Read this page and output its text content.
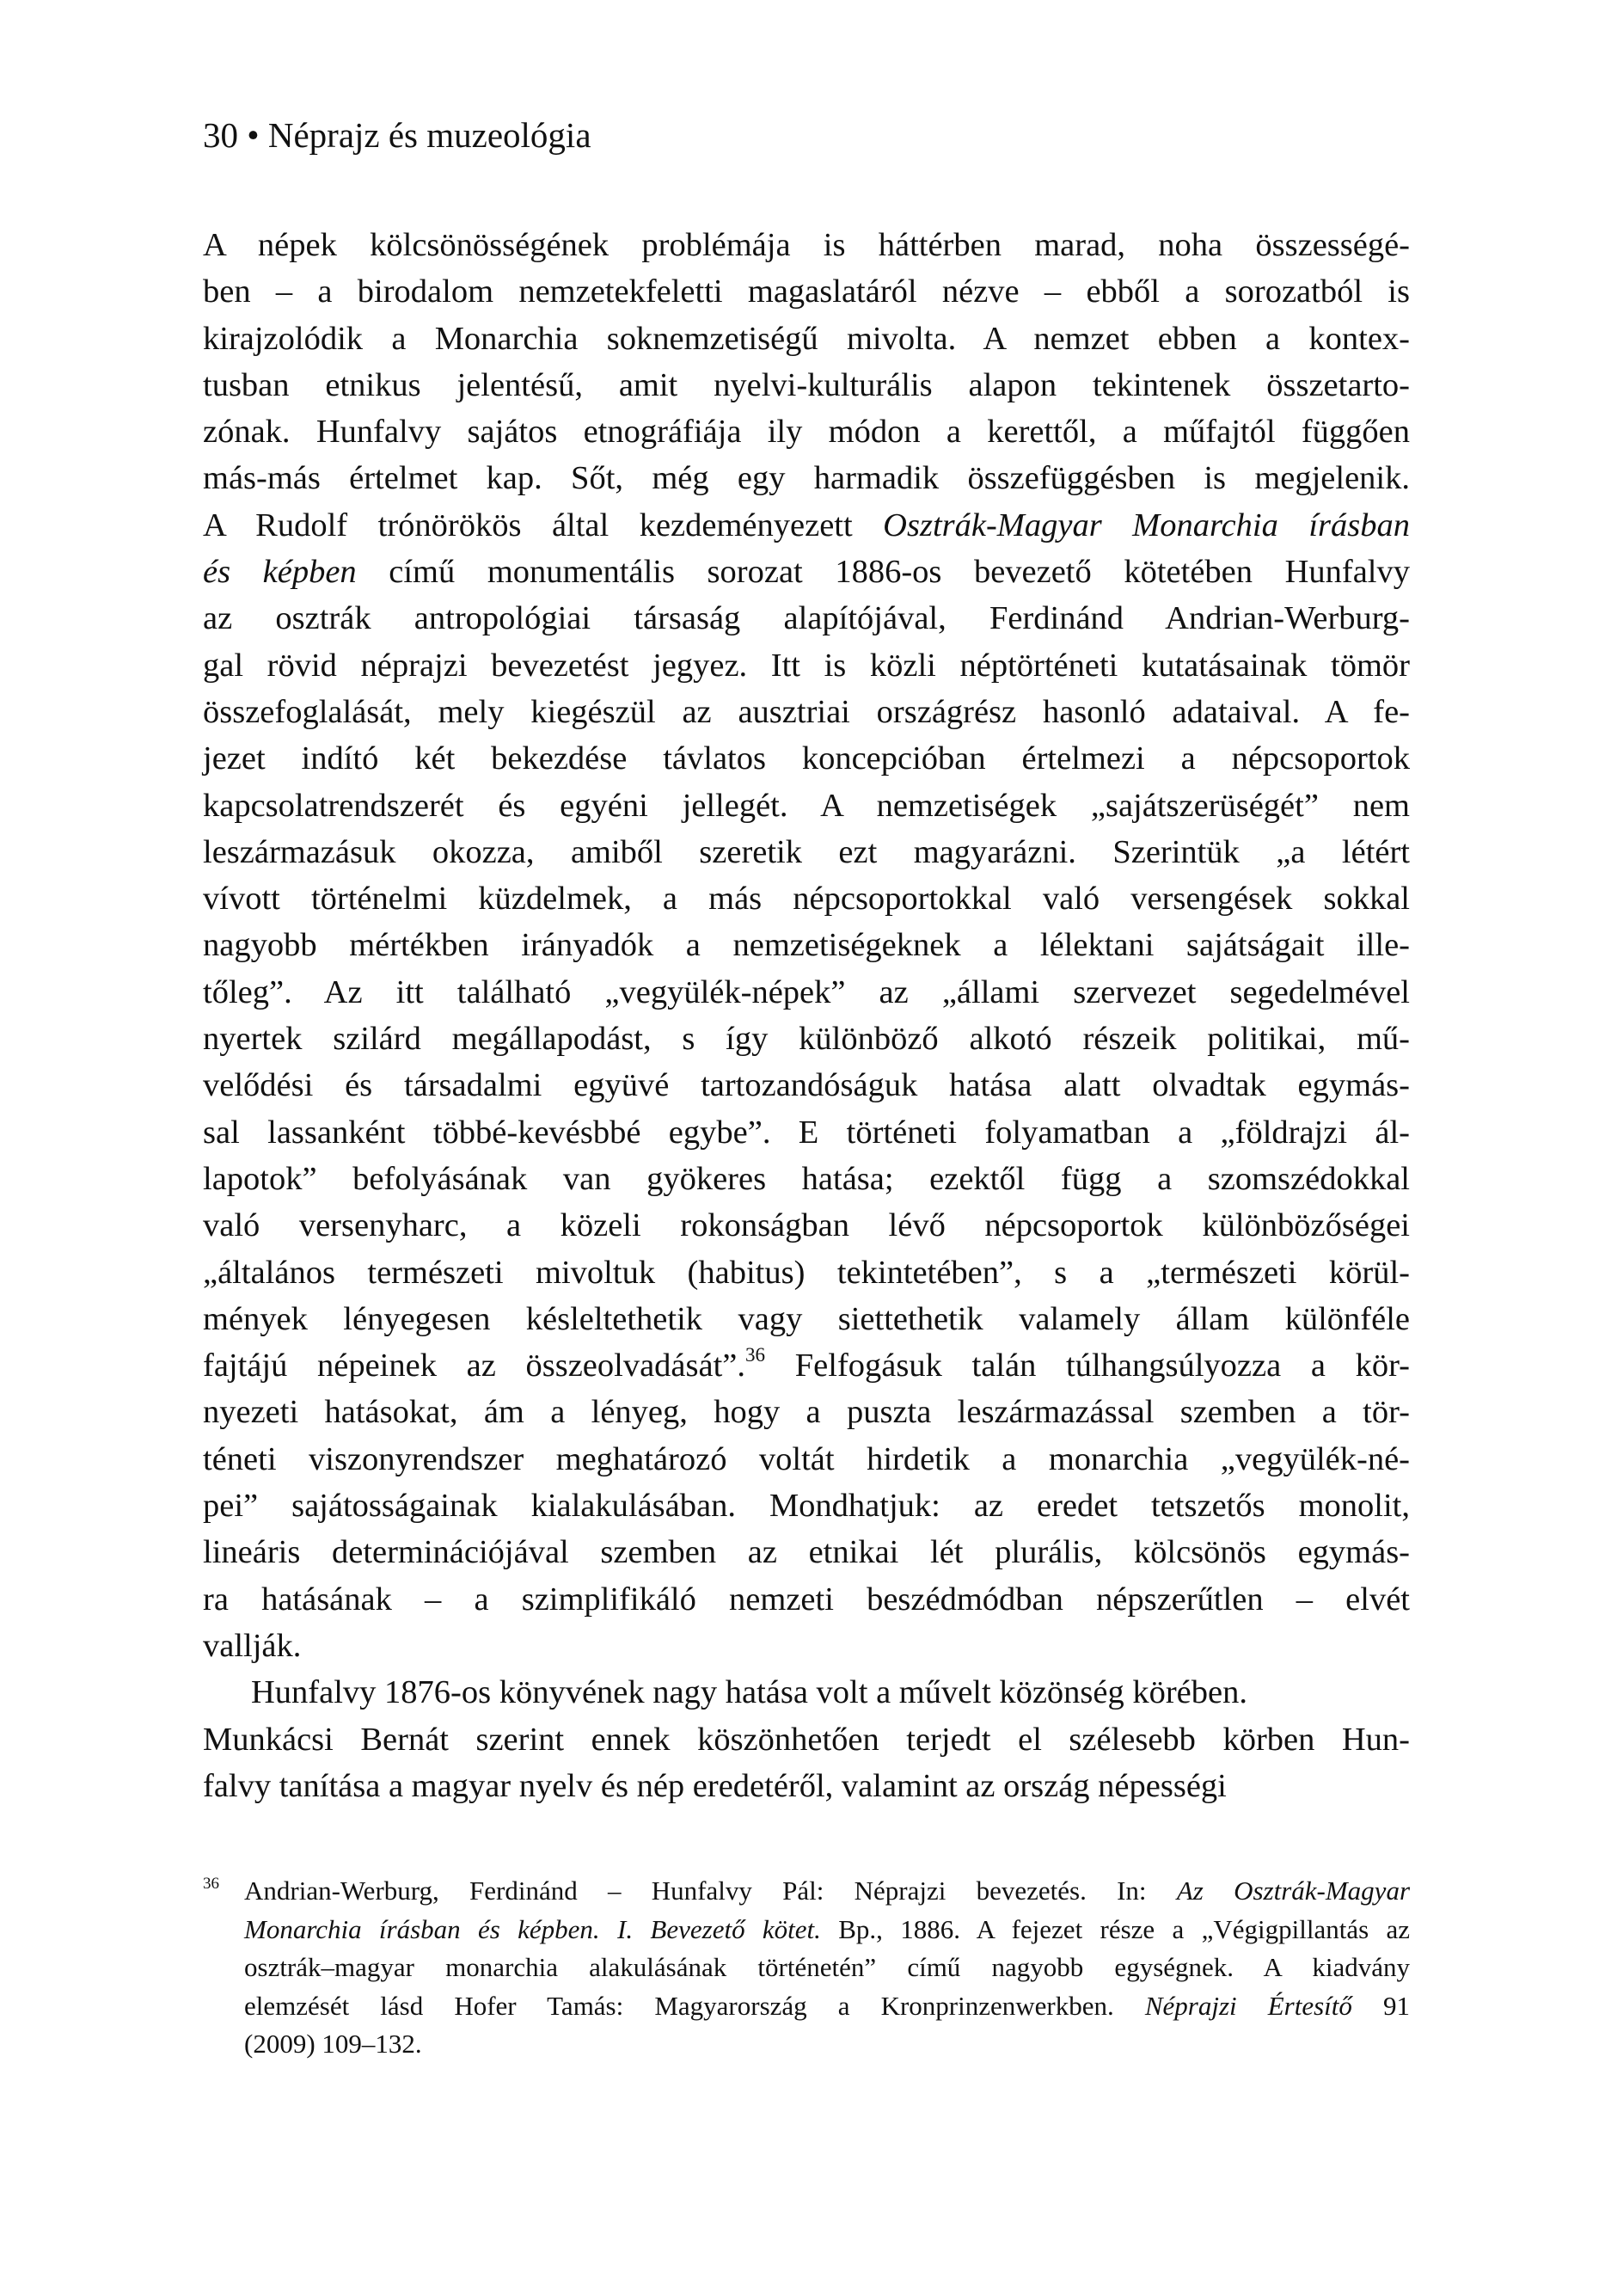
30 • Néprajz és muzeológia
A népek kölcsönösségének problémája is háttérben marad, noha összességé-
ben – a birodalom nemzetekfeletti magaslatáról nézve – ebből a sorozatból is
kirajzolódik a Monarchia soknemzetiségű mivolta. A nemzet ebben a kontex-
tusban etnikus jelentésű, amit nyelvi-kulturális alapon tekintenek összetarto-
zónak. Hunfalvy sajátos etnográfiája ily módon a kerettől, a műfajtól függően
más-más értelmet kap. Sőt, még egy harmadik összefüggésben is megjelenik.
A Rudolf trónörökös által kezdeményezett Osztrák-Magyar Monarchia írásban
és képben című monumentális sorozat 1886-os bevezető kötetében Hunfalvy
az osztrák antropológiai társaság alapítójával, Ferdinánd Andrian-Werburg-
gal rövid néprajzi bevezetést jegyez. Itt is közli néptörténeti kutatásainak tömör
összefoglalását, mely kiegészül az ausztriai országrész hasonló adataival. A fe-
jezet indító két bekezdése távlatos koncepcióban értelmezi a népcsoportok
kapcsolatrendszerét és egyéni jellegét. A nemzetiségek „sajátszerüségét” nem
leszármazásuk okozza, amiből szeretik ezt magyarázni. Szerintük „a létért
vívott történelmi küzdelmek, a más népcsoportokkal való versengések sokkal
nagyobb mértékben irányadók a nemzetiségeknek a lélektani sajátságait ille-
tőleg”. Az itt található „vegyülék-népek” az „állami szervezet segedelmével
nyertek szilárd megállapodást, s így különböző alkotó részeik politikai, mű-
velődési és társadalmi együvé tartozandóságuk hatása alatt olvadtak egymás-
sal lassanként többé-kevésbbé egybe”. E történeti folyamatban a „földrajzi ál-
lapotok” befolyásának van gyökeres hatása; ezektől függ a szomszédokkal
való versenyharc, a közeli rokonságban lévő népcsoportok különbözőségei
„általános természeti mivoltuk (habitus) tekintetében”, s a „természeti körül-
mények lényegesen késleltethetik vagy siettethetik valamely állam különféle
fajtájú népeinek az összeolvadását”.$^{36}$ Felfogásuk talán túlhangsúlyozza a kör-
nyezeti hatásokat, ám a lényeg, hogy a puszta leszármazással szemben a tör-
téneti viszonyrendszer meghatározó voltát hirdetik a monarchia „vegyülék-né-
pei” sajátosságainak kialakulásában. Mondhatjuk: az eredet tetszetős monolit,
lineáris determinációjával szemben az etnikai lét plurális, kölcsönös egymás-
ra hatásának – a szimplifikáló nemzeti beszédmódban népszerűtlen – elvét
vallják.
Hunfalvy 1876-os könyvének nagy hatása volt a művelt közönség körében.
Munkácsi Bernát szerint ennek köszönhetően terjedt el szélesebb körben Hun-
falvy tanítása a magyar nyelv és nép eredetéről, valamint az ország népességi
36 Andrian-Werburg, Ferdinánd – Hunfalvy Pál: Néprajzi bevezetés. In: Az Osztrák-Magyar
Monarchia írásban és képben. I. Bevezető kötet. Bp., 1886. A fejezet része a „Végigpillantás az
osztrák–magyar monarchia alakulásának történetén” című nagyobb egységnek. A kiadvány
elemzését lásd Hofer Tamás: Magyarország a Kronprinzenwerkben. Néprajzi Értesítő 91
(2009) 109–132.
